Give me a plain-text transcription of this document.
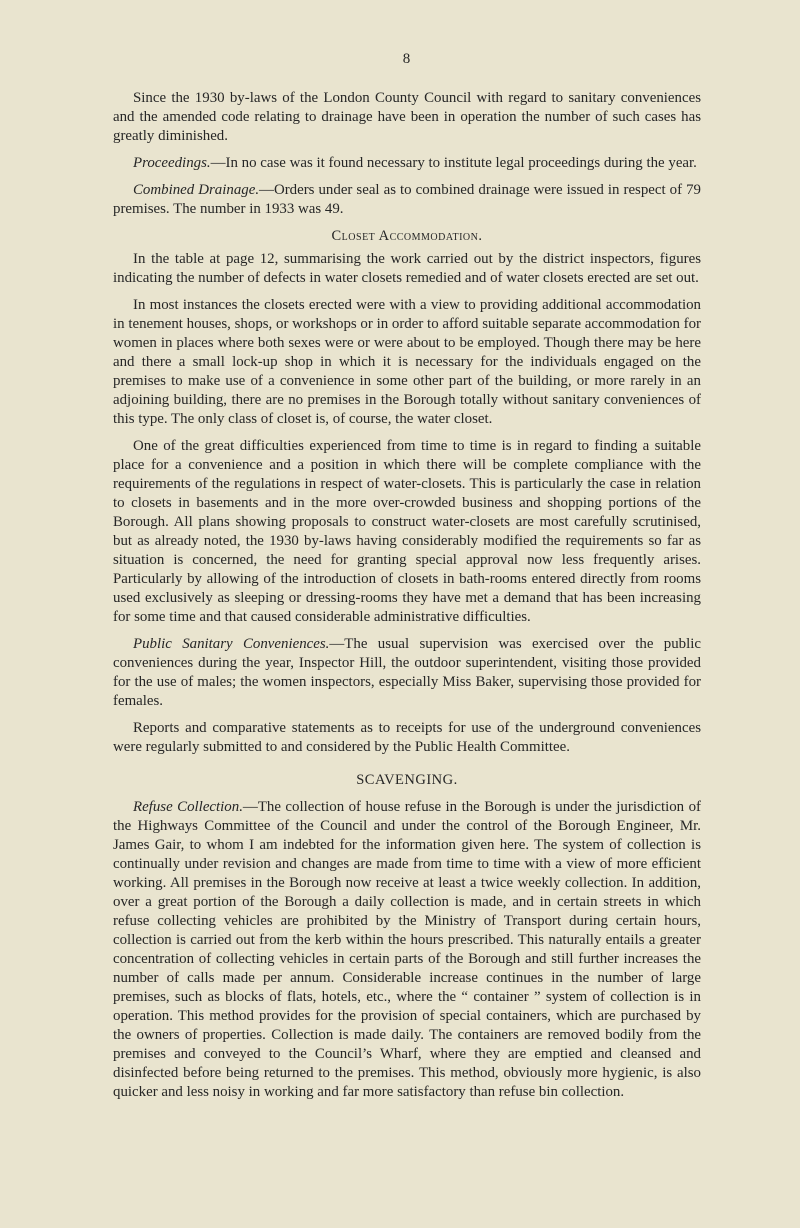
8

Since the 1930 by-laws of the London County Council with regard to sanitary conveniences and the amended code relating to drainage have been in operation the number of such cases has greatly diminished.

Proceedings.—In no case was it found necessary to institute legal proceedings during the year.

Combined Drainage.—Orders under seal as to combined drainage were issued in respect of 79 premises. The number in 1933 was 49.

Closet Accommodation.

In the table at page 12, summarising the work carried out by the district inspectors, figures indicating the number of defects in water closets remedied and of water closets erected are set out.

In most instances the closets erected were with a view to providing additional accommodation in tenement houses, shops, or workshops or in order to afford suitable separate accommodation for women in places where both sexes were or were about to be employed. Though there may be here and there a small lock-up shop in which it is necessary for the individuals engaged on the premises to make use of a convenience in some other part of the building, or more rarely in an adjoining building, there are no premises in the Borough totally without sanitary conveniences of this type. The only class of closet is, of course, the water closet.

One of the great difficulties experienced from time to time is in regard to finding a suitable place for a convenience and a position in which there will be complete compliance with the requirements of the regulations in respect of water-closets. This is particularly the case in relation to closets in basements and in the more over-crowded business and shopping portions of the Borough. All plans showing proposals to construct water-closets are most carefully scrutinised, but as already noted, the 1930 by-laws having considerably modified the requirements so far as situation is concerned, the need for granting special approval now less frequently arises. Particularly by allowing of the introduction of closets in bath-rooms entered directly from rooms used exclusively as sleeping or dressing-rooms they have met a demand that has been increasing for some time and that caused considerable administrative difficulties.

Public Sanitary Conveniences.—The usual supervision was exercised over the public conveniences during the year, Inspector Hill, the outdoor superintendent, visiting those provided for the use of males; the women inspectors, especially Miss Baker, supervising those provided for females.

Reports and comparative statements as to receipts for use of the underground conveniences were regularly submitted to and considered by the Public Health Committee.

SCAVENGING.

Refuse Collection.—The collection of house refuse in the Borough is under the jurisdiction of the Highways Committee of the Council and under the control of the Borough Engineer, Mr. James Gair, to whom I am indebted for the information given here. The system of collection is continually under revision and changes are made from time to time with a view of more efficient working. All premises in the Borough now receive at least a twice weekly collection. In addition, over a great portion of the Borough a daily collection is made, and in certain streets in which refuse collecting vehicles are prohibited by the Ministry of Transport during certain hours, collection is carried out from the kerb within the hours prescribed. This naturally entails a greater concentration of collecting vehicles in certain parts of the Borough and still further increases the number of calls made per annum. Considerable increase continues in the number of large premises, such as blocks of flats, hotels, etc., where the “ container ” system of collection is in operation. This method provides for the provision of special containers, which are purchased by the owners of properties. Collection is made daily. The containers are removed bodily from the premises and conveyed to the Council’s Wharf, where they are emptied and cleansed and disinfected before being returned to the premises. This method, obviously more hygienic, is also quicker and less noisy in working and far more satisfactory than refuse bin collection.
